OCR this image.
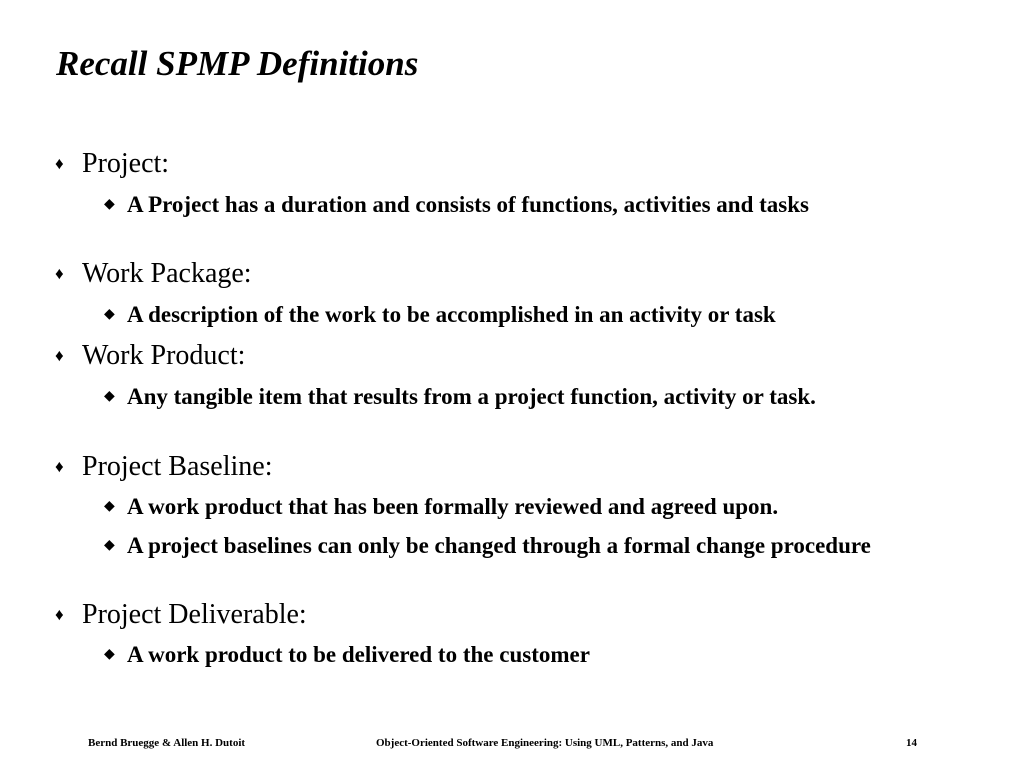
Recall SPMP Definitions
♦ Project:
◆ A Project has a duration and consists of functions, activities and tasks
♦ Work Package:
◆ A description of the work to be accomplished in an activity or task
♦ Work Product:
◆ Any tangible item that results from a project function, activity or task.
♦ Project Baseline:
◆ A work product that has been formally reviewed and agreed upon.
◆ A project baselines can only be changed through a formal change procedure
♦ Project Deliverable:
◆ A work product to be delivered to the customer
Bernd Bruegge & Allen H. Dutoit	Object-Oriented Software Engineering: Using UML, Patterns, and Java	14
